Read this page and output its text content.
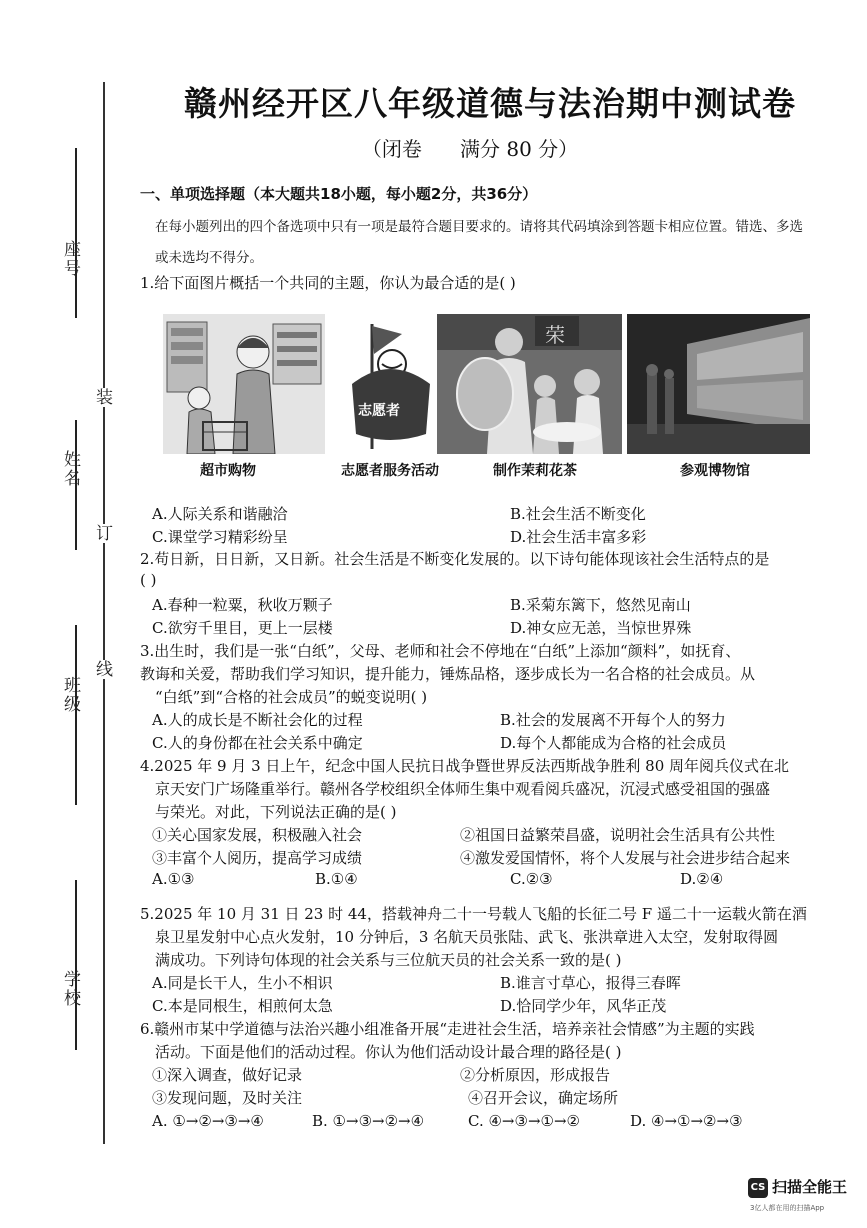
座号
姓名
班级
学校
装
订
线
赣州经开区八年级道德与法治期中测试卷
（闭卷      满分 80 分）
一、单项选择题（本大题共18小题，每小题2分，共36分）
在每小题列出的四个备选项中只有一项是最符合题目要求的。请将其代码填涂到答题卡相应位置。错选、多选
或未选均不得分。
1.给下面图片概括一个共同的主题，你认为最合适的是( )
志愿者
荣
超市购物	志愿者服务活动	制作茉莉花茶	参观博物馆
A.人际关系和谐融洽	B.社会生活不断变化
C.课堂学习精彩纷呈	D.社会生活丰富多彩
2.苟日新，日日新，又日新。社会生活是不断变化发展的。以下诗句能体现该社会生活特点的是
( )
A.春种一粒粟，秋收万颗子	B.采菊东篱下，悠然见南山
C.欲穷千里目，更上一层楼	D.神女应无恙，当惊世界殊
3.出生时，我们是一张“白纸”，父母、老师和社会不停地在“白纸”上添加“颜料”，如抚育、
教诲和关爱，帮助我们学习知识，提升能力，锤炼品格，逐步成长为一名合格的社会成员。从
“白纸”到“合格的社会成员”的蜕变说明( )
A.人的成长是不断社会化的过程	B.社会的发展离不开每个人的努力
C.人的身份都在社会关系中确定	D.每个人都能成为合格的社会成员
4.2025 年 9 月 3 日上午，纪念中国人民抗日战争暨世界反法西斯战争胜利 80 周年阅兵仪式在北
京天安门广场隆重举行。赣州各学校组织全体师生集中观看阅兵盛况，沉浸式感受祖国的强盛
与荣光。对此，下列说法正确的是( )
①关心国家发展，积极融入社会	②祖国日益繁荣昌盛，说明社会生活具有公共性
③丰富个人阅历，提高学习成绩	④激发爱国情怀，将个人发展与社会进步结合起来
A.①③	B.①④	C.②③	D.②④
5.2025 年 10 月 31 日 23 时 44，搭载神舟二十一号载人飞船的长征二号 F 遥二十一运载火箭在酒
泉卫星发射中心点火发射，10 分钟后，3 名航天员张陆、武飞、张洪章进入太空，发射取得圆
满成功。下列诗句体现的社会关系与三位航天员的社会关系一致的是( )
A.同是长干人，生小不相识	B.谁言寸草心，报得三春晖
C.本是同根生，相煎何太急	D.恰同学少年，风华正茂
6.赣州市某中学道德与法治兴趣小组准备开展“走进社会生活，培养亲社会情感”为主题的实践
活动。下面是他们的活动过程。你认为他们活动设计最合理的路径是( )
①深入调查，做好记录	②分析原因，形成报告
③发现问题，及时关注	④召开会议，确定场所
A. ①→②→③→④	B. ①→③→②→④	C. ④→③→①→②	D. ④→①→②→③
CS 扫描全能王
3亿人都在用的扫描App
